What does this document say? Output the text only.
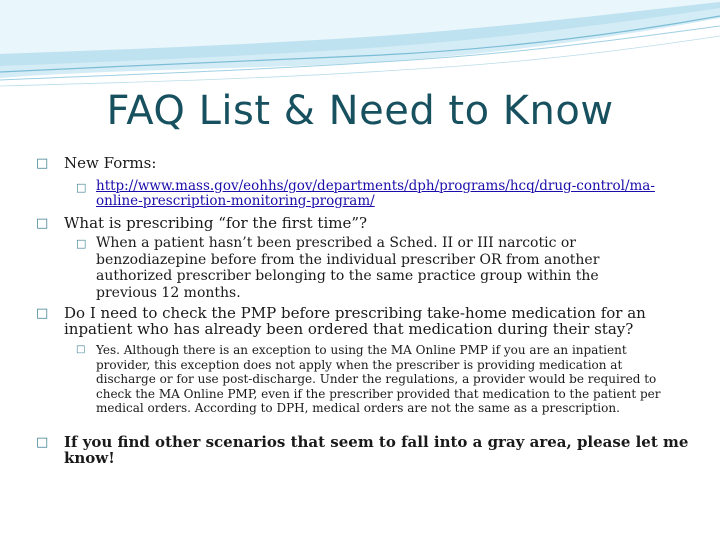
FAQ List & Need to Know
□	New Forms:
□ http://www.mass.gov/eohhs/gov/departments/dph/programs/hcq/drug-control/ma-online-prescription-monitoring-program/
□	What is prescribing “for the first time”?
□ When a patient hasn’t been prescribed a Sched. II or III narcotic or benzodiazepine before from the individual prescriber OR from another authorized prescriber belonging to the same practice group within the previous 12 months.
□	Do I need to check the PMP before prescribing take-home medication for an inpatient who has already been ordered that medication during their stay?
□ Yes. Although there is an exception to using the MA Online PMP if you are an inpatient provider, this exception does not apply when the prescriber is providing medication at discharge or for use post-discharge. Under the regulations, a provider would be required to check the MA Online PMP, even if the prescriber provided that medication to the patient per medical orders. According to DPH, medical orders are not the same as a prescription.
□	If you find other scenarios that seem to fall into a gray area, please let me know!
